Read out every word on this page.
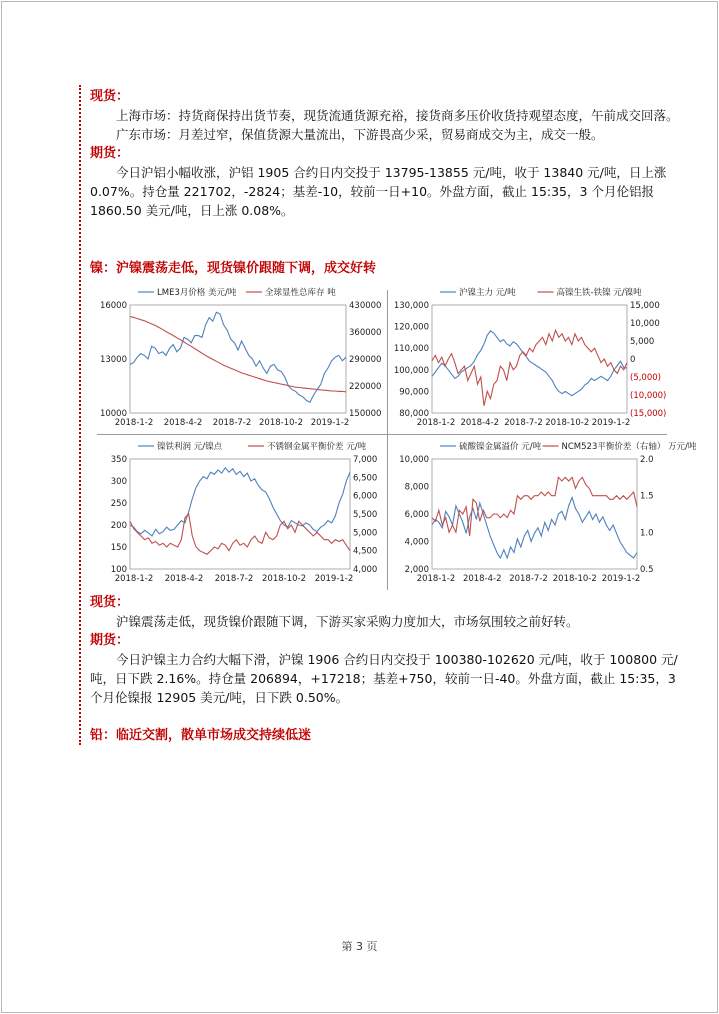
现货：
上海市场：持货商保持出货节奏，现货流通货源充裕，接货商多压价收货持观望态度，午前成交回落。
广东市场：月差过窄，保值货源大量流出，下游畏高少采，贸易商成交为主，成交一般。
期货：
今日沪铝小幅收涨，沪铝 1905 合约日内交投于 13795-13855 元/吨，收于 13840 元/吨，日上涨 0.07%。持仓量 221702，-2824；基差-10，较前一日+10。外盘方面，截止 15:35，3 个月伦铝报 1860.50 美元/吨，日上涨 0.08%。
镍：沪镍震荡走低，现货镍价跟随下调，成交好转
LME3月价格 美元/吨	全球显性总库存 吨
16000
13000
10000
430000
360000
290000
220000
150000
2018-1-2 2018-4-2 2018-7-2 2018-10-2 2019-1-2
沪镍主力 元/吨	高镍生铁-铁镍 元/镍吨
130,000
120,000
110,000
100,000
90,000
80,000
15,000
10,000
5,000
0
(5,000)
(10,000)
(15,000)
2018-1-2 2018-4-2 2018-7-2 2018-10-2 2019-1-2
镍铁利润 元/镍点	不锈钢金属平衡价差 元/吨
350
300
250
200
150
100
7,000
6,500
6,000
5,500
5,000
4,500
4,000
2018-1-2 2018-4-2 2018-7-2 2018-10-2 2019-1-2
硫酸镍金属溢价 元/吨 NCM523平衡价差（右轴） 万元/吨
10,000
8,000
6,000
4,000
2,000
2.0
1.5
1.0
0.5
2018-1-2 2018-4-2 2018-7-2 2018-10-2 2019-1-2
现货：
沪镍震荡走低，现货镍价跟随下调，下游买家采购力度加大，市场氛围较之前好转。
期货：
今日沪镍主力合约大幅下滑，沪镍 1906 合约日内交投于 100380-102620 元/吨，收于 100800 元/吨，日下跌 2.16%。持仓量 206894，+17218；基差+750，较前一日-40。外盘方面，截止 15:35，3 个月伦镍报 12905 美元/吨，日下跌 0.50%。
铅：临近交割，散单市场成交持续低迷
第 3 页
